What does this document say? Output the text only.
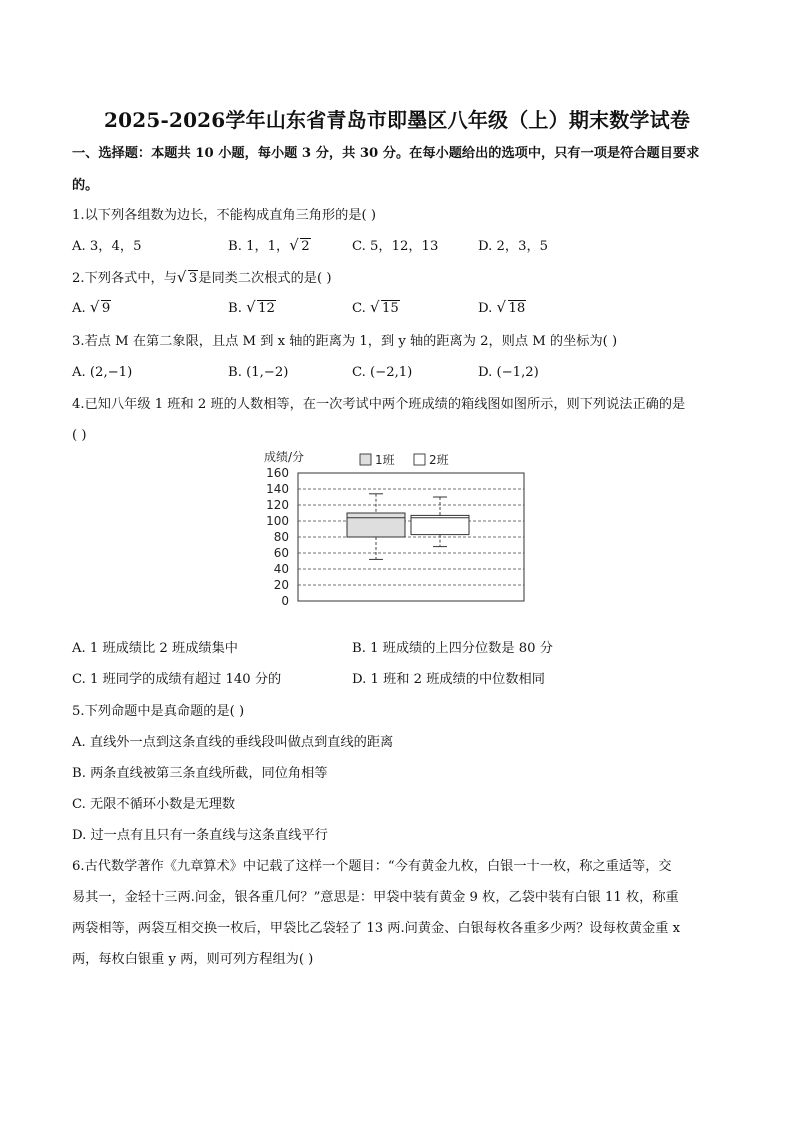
2025-2026学年山东省青岛市即墨区八年级（上）期末数学试卷
一、选择题：本题共 10 小题，每小题 3 分，共 30 分。在每小题给出的选项中，只有一项是符合题目要求
的。
1.以下列各组数为边长，不能构成直角三角形的是( )
A. 3，4，5	B. 1，1， √ 2	C. 5，12，13	D. 2，3，5
2.下列各式中，与 √ 3是同类二次根式的是( )
A. √ 9	B. √ 12	C. √ 15	D. √ 18
3.若点 M 在第二象限，且点 M 到 x 轴的距离为 1，到 y 轴的距离为 2，则点 M 的坐标为( )
A. (2,−1)	B. (1,−2)	C. (−2,1)	D. (−1,2)
4.已知八年级 1 班和 2 班的人数相等，在一次考试中两个班成绩的箱线图如图所示，则下列说法正确的是
( )
0
20
40
60
80
100
120
140
160
成绩/分	1班	2班
A. 1 班成绩比 2 班成绩集中	B. 1 班成绩的上四分位数是 80 分
C. 1 班同学的成绩有超过 140 分的	D. 1 班和 2 班成绩的中位数相同
5.下列命题中是真命题的是( )
A. 直线外一点到这条直线的垂线段叫做点到直线的距离
B. 两条直线被第三条直线所截，同位角相等
C. 无限不循环小数是无理数
D. 过一点有且只有一条直线与这条直线平行
6.古代数学著作《九章算术》中记载了这样一个题目：“今有黄金九枚，白银一十一枚，称之重适等，交
易其一，金轻十三两.问金，银各重几何？”意思是：甲袋中装有黄金 9 枚，乙袋中装有白银 11 枚，称重
两袋相等，两袋互相交换一枚后，甲袋比乙袋轻了 13 两.问黄金、白银每枚各重多少两？设每枚黄金重 x
两，每枚白银重 y 两，则可列方程组为( )
